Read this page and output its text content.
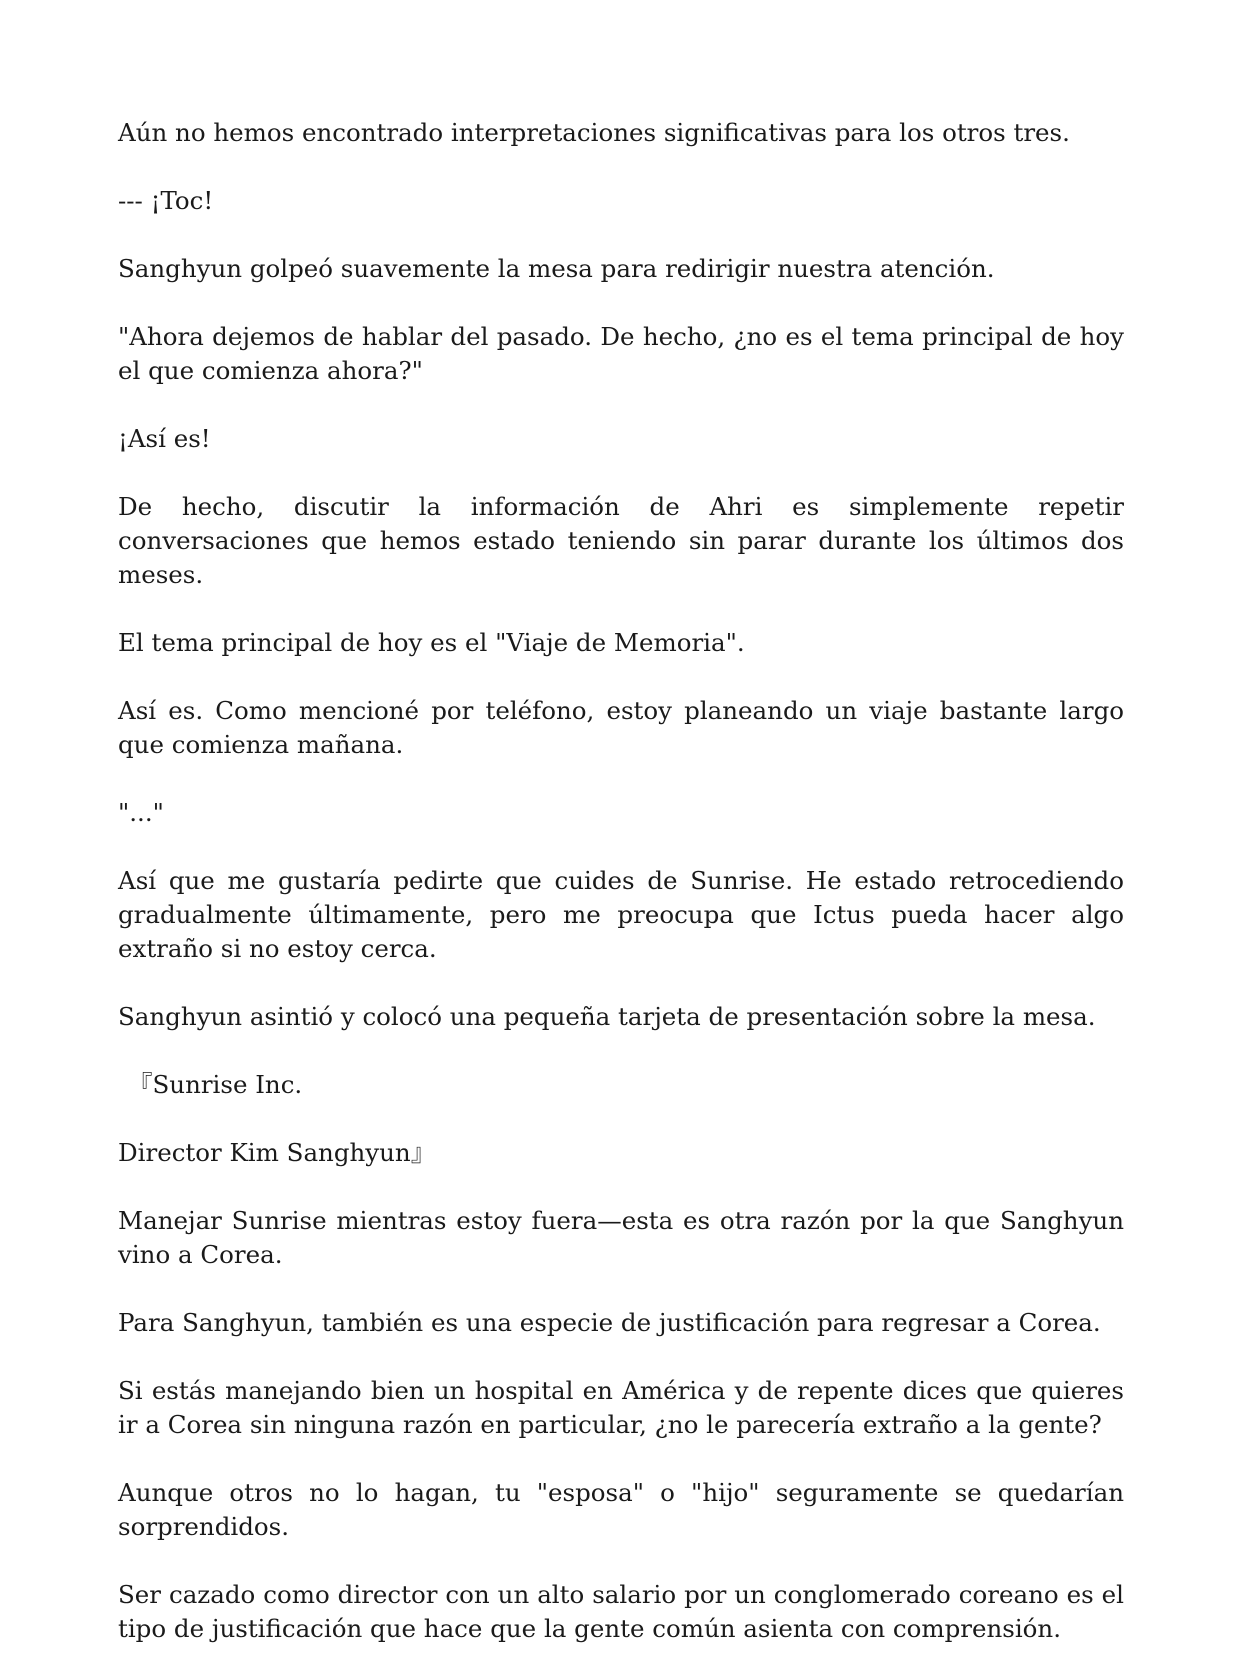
Aún no hemos encontrado interpretaciones significativas para los otros tres.

--- ¡Toc!

Sanghyun golpeó suavemente la mesa para redirigir nuestra atención.

"Ahora dejemos de hablar del pasado. De hecho, ¿no es el tema principal de hoy el que comienza ahora?"

¡Así es!

De hecho, discutir la información de Ahri es simplemente repetir conversaciones que hemos estado teniendo sin parar durante los últimos dos meses.

El tema principal de hoy es el "Viaje de Memoria".

Así es. Como mencioné por teléfono, estoy planeando un viaje bastante largo que comienza mañana.

"..."

Así que me gustaría pedirte que cuides de Sunrise. He estado retrocediendo gradualmente últimamente, pero me preocupa que Ictus pueda hacer algo extraño si no estoy cerca.

Sanghyun asintió y colocó una pequeña tarjeta de presentación sobre la mesa.

『Sunrise Inc.

Director Kim Sanghyun』

Manejar Sunrise mientras estoy fuera—esta es otra razón por la que Sanghyun vino a Corea.

Para Sanghyun, también es una especie de justificación para regresar a Corea.

Si estás manejando bien un hospital en América y de repente dices que quieres ir a Corea sin ninguna razón en particular, ¿no le parecería extraño a la gente?

Aunque otros no lo hagan, tu "esposa" o "hijo" seguramente se quedarían sorprendidos.

Ser cazado como director con un alto salario por un conglomerado coreano es el tipo de justificación que hace que la gente común asienta con comprensión.
